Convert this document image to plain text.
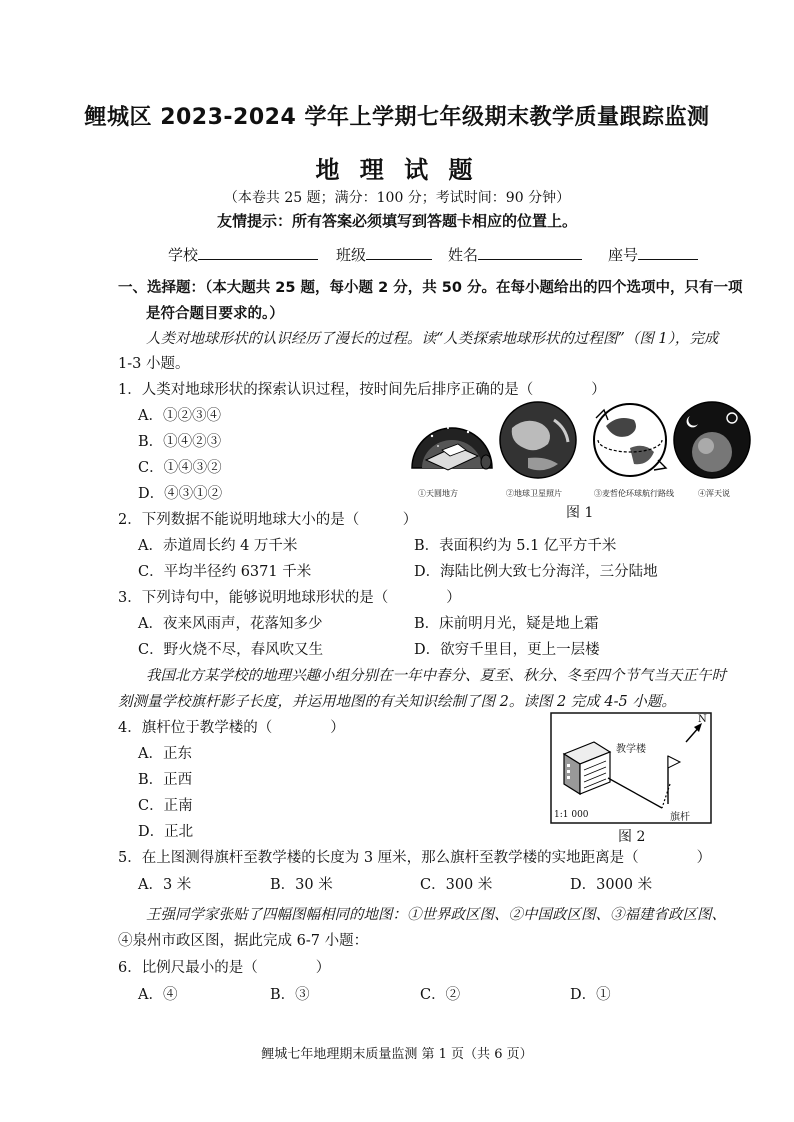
鲤城区 2023-2024 学年上学期七年级期末教学质量跟踪监测
地 理 试 题
（本卷共 25 题；满分：100 分；考试时间：90 分钟）
友情提示：所有答案必须填写到答题卡相应的位置上。
学校	班级	姓名	座号
一、选择题：（本大题共 25 题，每小题 2 分，共 50 分。在每小题给出的四个选项中，只有一项
是符合题目要求的。）
人类对地球形状的认识经历了漫长的过程。读“人类探索地球形状的过程图”（图 1），完成
1-3 小题。
1．人类对地球形状的探索认识过程，按时间先后排序正确的是（　　　　）
A．①②③④
B．①④②③
C．①④③②
D．④③①②	①天圆地方	②地球卫星照片	③麦哲伦环球航行路线	④浑天说
图 1
2．下列数据不能说明地球大小的是（　　　）
A．赤道周长约 4 万千米	B．表面积约为 5.1 亿平方千米
C．平均半径约 6371 千米	D．海陆比例大致七分海洋，三分陆地
3．下列诗句中，能够说明地球形状的是（　　　　）
A．夜来风雨声，花落知多少	B．床前明月光，疑是地上霜
C．野火烧不尽，春风吹又生	D．欲穷千里目，更上一层楼
我国北方某学校的地理兴趣小组分别在一年中春分、夏至、秋分、冬至四个节气当天正午时
刻测量学校旗杆影子长度，并运用地图的有关知识绘制了图 2。读图 2 完成 4-5 小题。
4．旗杆位于教学楼的（　　　　）
A．正东
B．正西
C．正南
D．正北
教学楼
N
1:1 000	旗杆
图 2
5．在上图测得旗杆至教学楼的长度为 3 厘米，那么旗杆至教学楼的实地距离是（　　　　）
A．3 米	B．30 米	C．300 米	D．3000 米
王强同学家张贴了四幅图幅相同的地图：①世界政区图、②中国政区图、③福建省政区图、
④泉州市政区图，据此完成 6-7 小题：
6．比例尺最小的是（　　　　）
A．④	B．③	C．②	D．①
鲤城七年地理期末质量监测 第 1 页（共 6 页）
